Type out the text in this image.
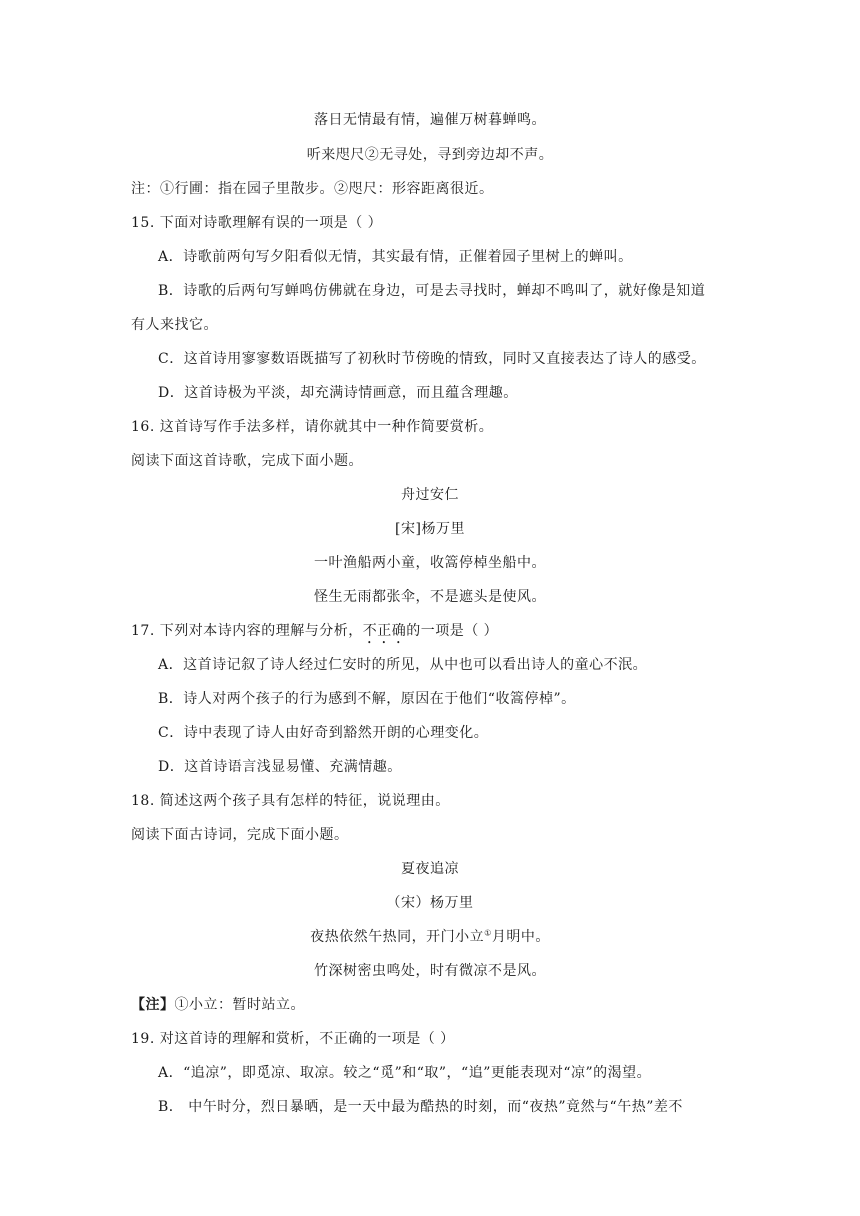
落日无情最有情，遍催万树暮蝉鸣。
听来咫尺②无寻处，寻到旁边却不声。
注：①行圃：指在园子里散步。②咫尺：形容距离很近。
15. 下面对诗歌理解有误的一项是（ ）
A．诗歌前两句写夕阳看似无情，其实最有情，正催着园子里树上的蝉叫。
B．诗歌的后两句写蝉鸣仿佛就在身边，可是去寻找时，蝉却不鸣叫了，就好像是知道
有人来找它。
C．这首诗用寥寥数语既描写了初秋时节傍晚的情致，同时又直接表达了诗人的感受。
D．这首诗极为平淡，却充满诗情画意，而且蕴含理趣。
16. 这首诗写作手法多样，请你就其中一种作简要赏析。
阅读下面这首诗歌，完成下面小题。
舟过安仁
[宋]杨万里
一叶渔船两小童，收篙停棹坐船中。
怪生无雨都张伞，不是遮头是使风。
17. 下列对本诗内容的理解与分析，不正确的一项是（ ）
A．这首诗记叙了诗人经过仁安时的所见，从中也可以看出诗人的童心不泯。
B．诗人对两个孩子的行为感到不解，原因在于他们“收篙停棹”。
C．诗中表现了诗人由好奇到豁然开朗的心理变化。
D．这首诗语言浅显易懂、充满情趣。
18. 简述这两个孩子具有怎样的特征，说说理由。
阅读下面古诗词，完成下面小题。
夏夜追凉
（宋）杨万里
夜热依然午热同，开门小立①月明中。
竹深树密虫鸣处，时有微凉不是风。
【注】①小立：暂时站立。
19. 对这首诗的理解和赏析，不正确的一项是（ ）
A．“追凉”，即觅凉、取凉。较之“觅”和“取”，“追”更能表现对“凉”的渴望。
B． 中午时分，烈日暴晒，是一天中最为酷热的时刻，而“夜热”竟然与“午热”差不
